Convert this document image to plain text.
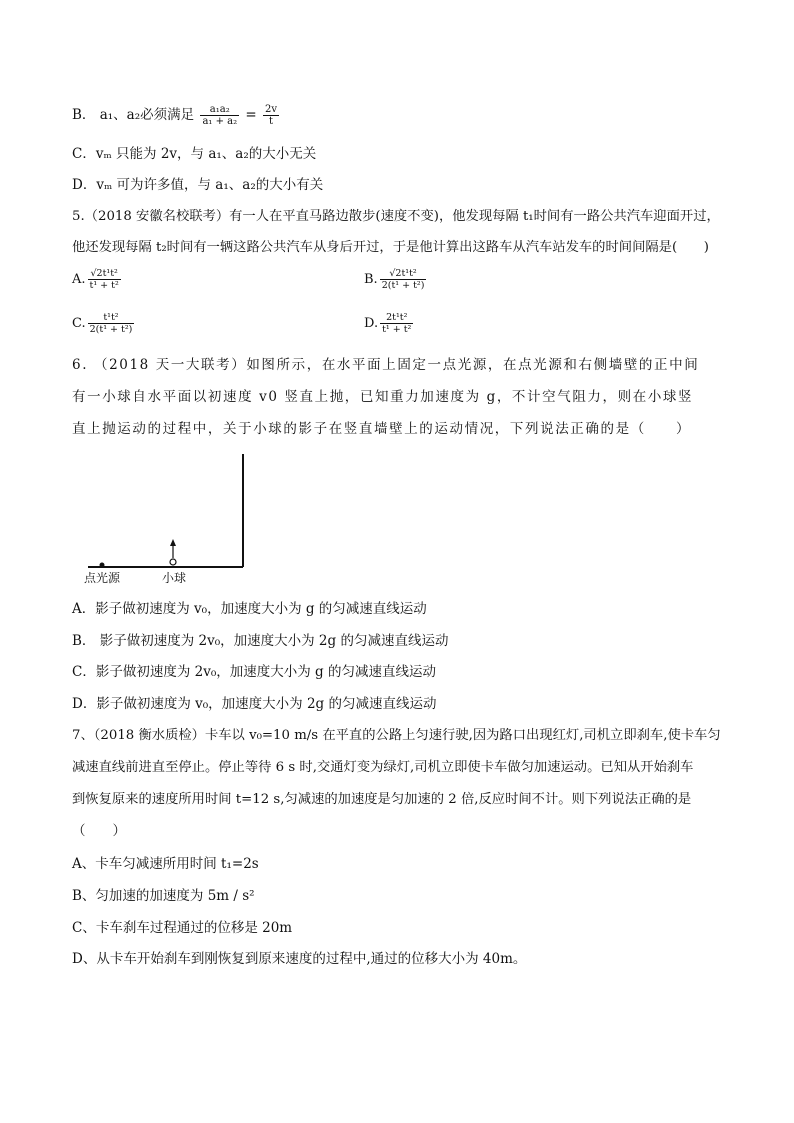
B． a₁、a₂必须满足 $\frac{\text{a₁a₂}}{\text{a₁ + a₂}} = \frac{2v}{t}$
C．vₘ 只能为 2v，与 a₁、a₂的大小无关
D．vₘ 可为许多值，与 a₁、a₂的大小有关
5.（2018 安徽名校联考）有一人在平直马路边散步(速度不变)，他发现每隔 t₁时间有一路公共汽车迎面开过，
他还发现每隔 t₂时间有一辆这路公共汽车从身后开过，于是他计算出这路车从汽车站发车的时间间隔是(　　)
A. $\frac{\text{√2t¹t²}}{\text{t¹ + t²}}$	B. $\frac{\text{√2t¹t²}}{\text{2(t¹ + t²)}}$
C. $\frac{\text{t¹t²}}{\text{2(t¹ + t²)}}$	D. $\frac{\text{2t¹t²}}{\text{t¹ + t²}}$
6. （2018 天一大联考）如图所示，在水平面上固定一点光源，在点光源和右侧墙壁的正中间
有一小球自水平面以初速度 v0 竖直上抛，已知重力加速度为 g，不计空气阻力，则在小球竖
直上抛运动的过程中，关于小球的影子在竖直墙壁上的运动情况，下列说法正确的是（　　）
点光源	小球
A．影子做初速度为 v₀，加速度大小为 g 的匀减速直线运动
B． 影子做初速度为 2v₀，加速度大小为 2g 的匀减速直线运动
C．影子做初速度为 2v₀，加速度大小为 g 的匀减速直线运动
D．影子做初速度为 v₀，加速度大小为 2g 的匀减速直线运动
7、（2018 衡水质检）卡车以 v₀=10 m/s 在平直的公路上匀速行驶,因为路口出现红灯,司机立即刹车,使卡车匀
减速直线前进直至停止。停止等待 6 s 时,交通灯变为绿灯,司机立即使卡车做匀加速运动。已知从开始刹车
到恢复原来的速度所用时间 t=12 s,匀减速的加速度是匀加速的 2 倍,反应时间不计。则下列说法正确的是
（　　）
A、卡车匀减速所用时间 t₁=2s
B、匀加速的加速度为 5m / s²
C、卡车刹车过程通过的位移是 20m
D、从卡车开始刹车到刚恢复到原来速度的过程中,通过的位移大小为 40m。
